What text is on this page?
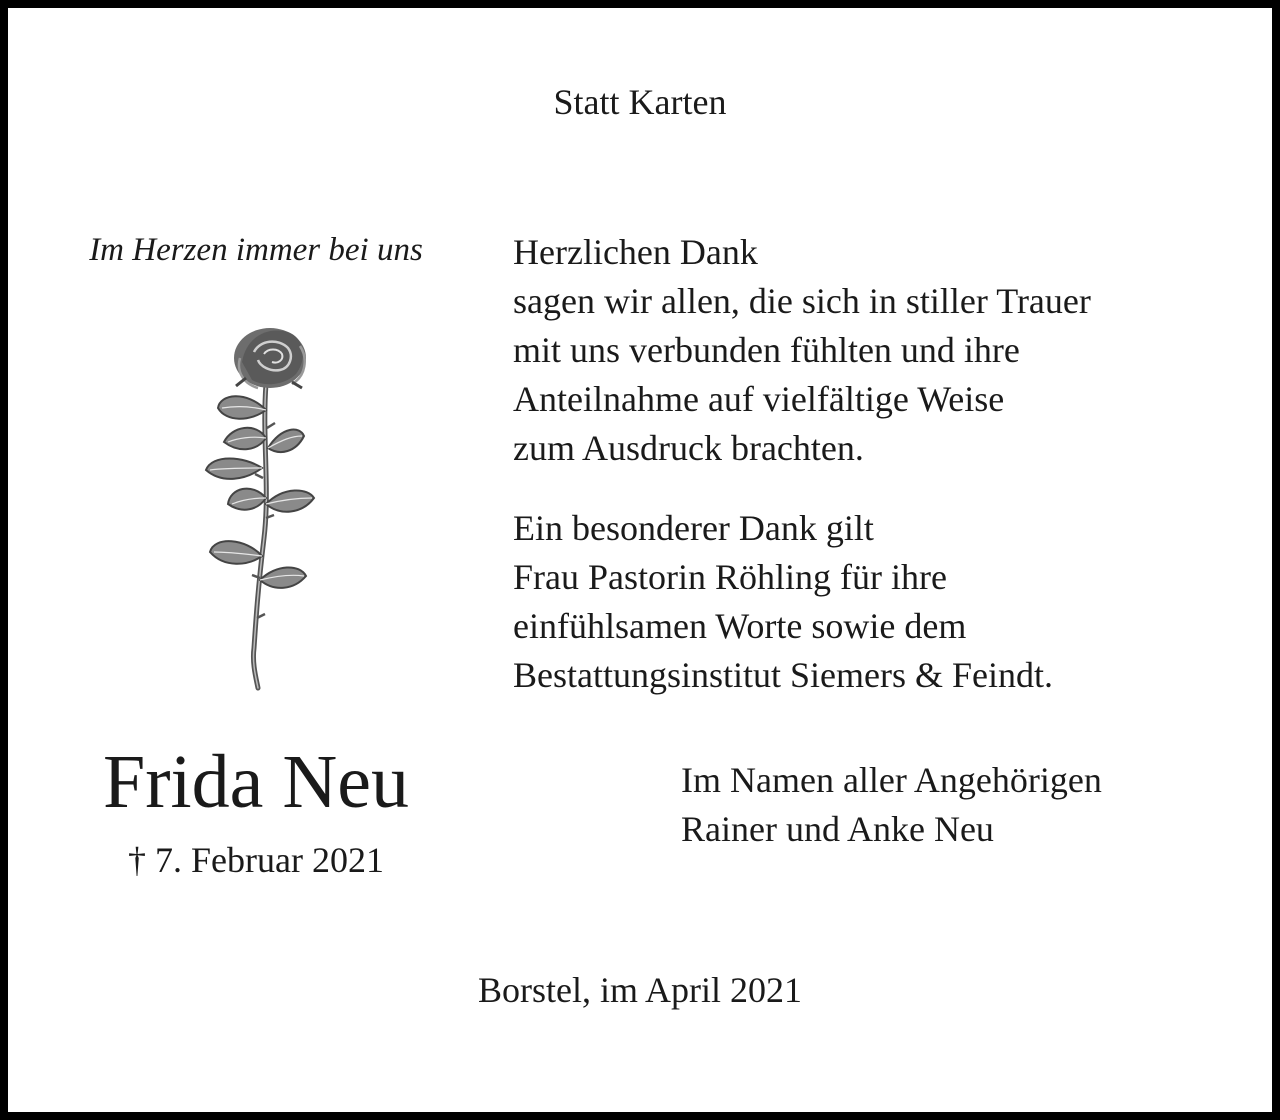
Statt Karten
Im Herzen immer bei uns
Frida Neu
† 7. Februar 2021

Herzlichen Dank
sagen wir allen, die sich in stiller Trauer
mit uns verbunden fühlten und ihre
Anteilnahme auf vielfältige Weise
zum Ausdruck brachten.

Ein besonderer Dank gilt
Frau Pastorin Röhling für ihre
einfühlsamen Worte sowie dem
Bestattungsinstitut Siemers & Feindt.

Im Namen aller Angehörigen
Rainer und Anke Neu
Borstel, im April 2021
